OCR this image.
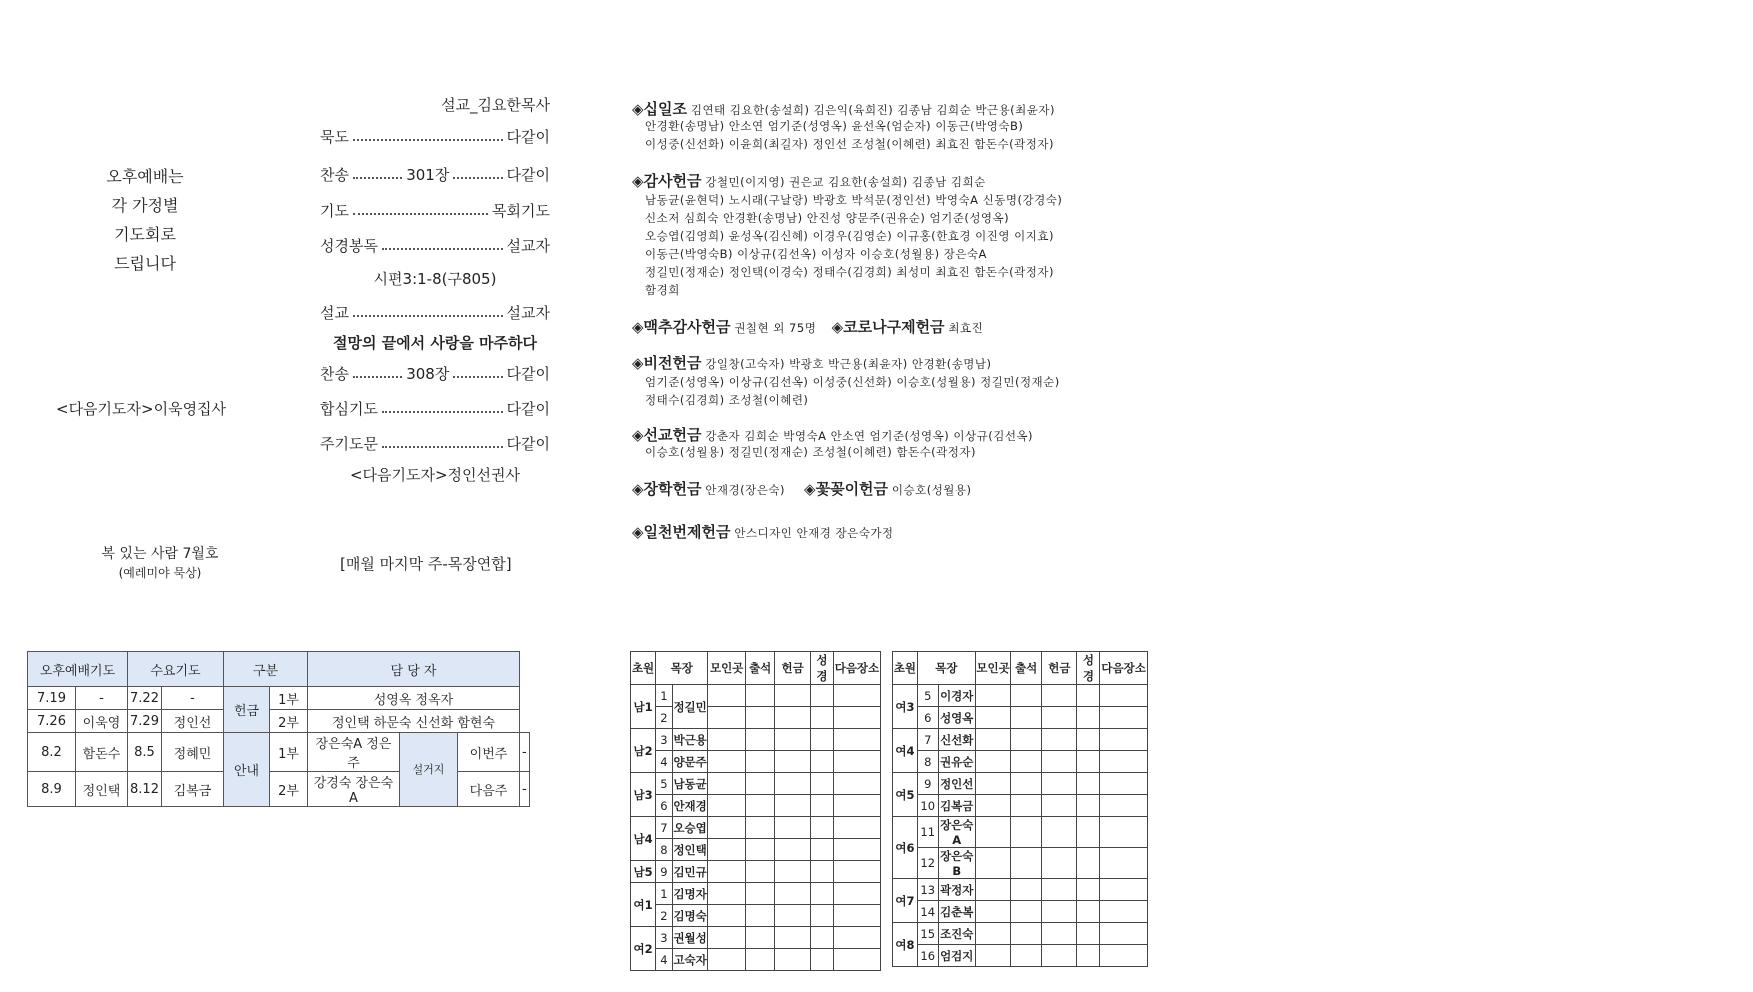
오후예배는
각 가정별
기도회로
드립니다
<다음기도자>이욱영집사
복 있는 사람 7월호
(예레미야 묵상)
설교_김요한목사
묵도	다같이
찬송	301장	다같이
기도	목회기도
성경봉독	설교자
시편3:1-8(구805)
설교	설교자
절망의 끝에서 사랑을 마주하다
찬송	308장	다같이
합심기도	다같이
주기도문	다같이
<다음기도자>정인선권사
[매월 마지막 주-목장연합]
◈십일조 김연태 김요한(송설희) 김은익(육희진) 김종남 김희순 박근용(최윤자)
안경환(송명남) 안소연 엄기준(성영옥) 윤선옥(엄순자) 이동근(박영숙B)
이성중(신선화) 이윤희(최길자) 정인선 조성철(이혜련) 최효진 함돈수(곽정자)
◈감사헌금 강철민(이지영) 권은교 김요한(송설희) 김종남 김희순
남동균(윤현덕) 노시래(구날랑) 박광호 박석문(정인선) 박영숙A 신동명(강경숙)
신소저 심희숙 안경환(송명남) 안진성 양문주(권유순) 엄기준(성영옥)
오승엽(김영희) 윤성옥(김신혜) 이경우(김영순) 이규홍(한효경 이진영 이지효)
이동근(박영숙B) 이상규(김선옥) 이성자 이승호(성월용) 장은숙A
정길민(정재순) 정인택(이경숙) 정태수(김경희) 최성미 최효진 함돈수(곽정자)
함경희
◈맥추감사헌금 권칠현 외 75명 ◈코로나구제헌금 최효진
◈비전헌금 강일창(고숙자) 박광호 박근용(최윤자) 안경환(송명남)
엄기준(성영옥) 이상규(김선옥) 이성중(신선화) 이승호(성월용) 정길민(정재순)
정태수(김경희) 조성철(이혜련)
◈선교헌금 강춘자 김희순 박영숙A 안소연 엄기준(성영옥) 이상규(김선옥)
이승호(성월용) 정길민(정재순) 조성철(이혜련) 함돈수(곽정자)
◈장학헌금 안재경(장은숙) ◈꽃꽂이헌금 이승호(성월용)
◈일천번제헌금 안스디자인 안재경 장은숙가정
오후예배기도		수요기도		구분		담 당 자			
7.19	-	7.22	-	헌금	1부	성영옥 정옥자			
7.26	이욱영	7.29	정인선		2부	정인택 하문숙 신선화 함현숙			
8.2	함돈수	8.5	정혜민	안내	1부	장은숙A 정은주	설거지	이번주	-
8.9	정인택	8.12	김복금		2부	강경숙 장은숙A		다음주	-
초원	목장		모인곳	출석	헌금	성경	다음장소
남1	1	정길민					
	2						
남2	3	박근용					
	4	양문주					
남3	5	남동균					
	6	안재경					
남4	7	오승엽					
	8	정인택					
남5	9	김민규					
여1	1	김명자					
	2	김명숙					
여2	3	권월성					
	4	고숙자					
초원	목장		모인곳	출석	헌금	성경	다음장소
여3	5	이경자					
	6	성영옥					
여4	7	신선화					
	8	권유순					
여5	9	정인선					
	10	김복금					
여6	11	장은숙A					
	12	장은숙B					
여7	13	곽정자					
	14	김춘복					
여8	15	조진숙					
	16	엄검지					
